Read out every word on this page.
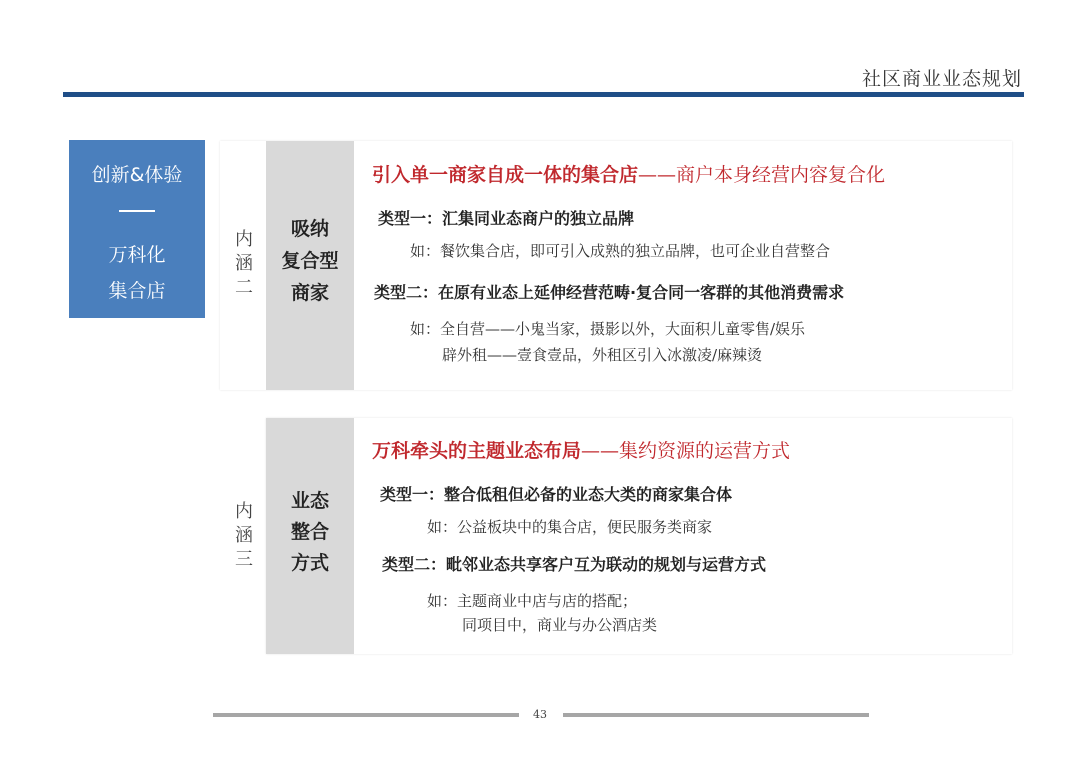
社区商业业态规划
创新&体验
万科化
集合店
内
涵
二
吸纳
复合型
商家
引入单一商家自成一体的集合店——商户本身经营内容复合化
类型一：汇集同业态商户的独立品牌
如：餐饮集合店，即可引入成熟的独立品牌，也可企业自营整合
类型二：在原有业态上延伸经营范畴·复合同一客群的其他消费需求
如：全自营——小鬼当家，摄影以外，大面积儿童零售/娱乐
辟外租——壹食壹品，外租区引入冰激凌/麻辣烫
内
涵
三
业态
整合
方式
万科牵头的主题业态布局——集约资源的运营方式
类型一：整合低租但必备的业态大类的商家集合体
如：公益板块中的集合店，便民服务类商家
类型二：毗邻业态共享客户互为联动的规划与运营方式
如：主题商业中店与店的搭配；
同项目中，商业与办公酒店类
43
